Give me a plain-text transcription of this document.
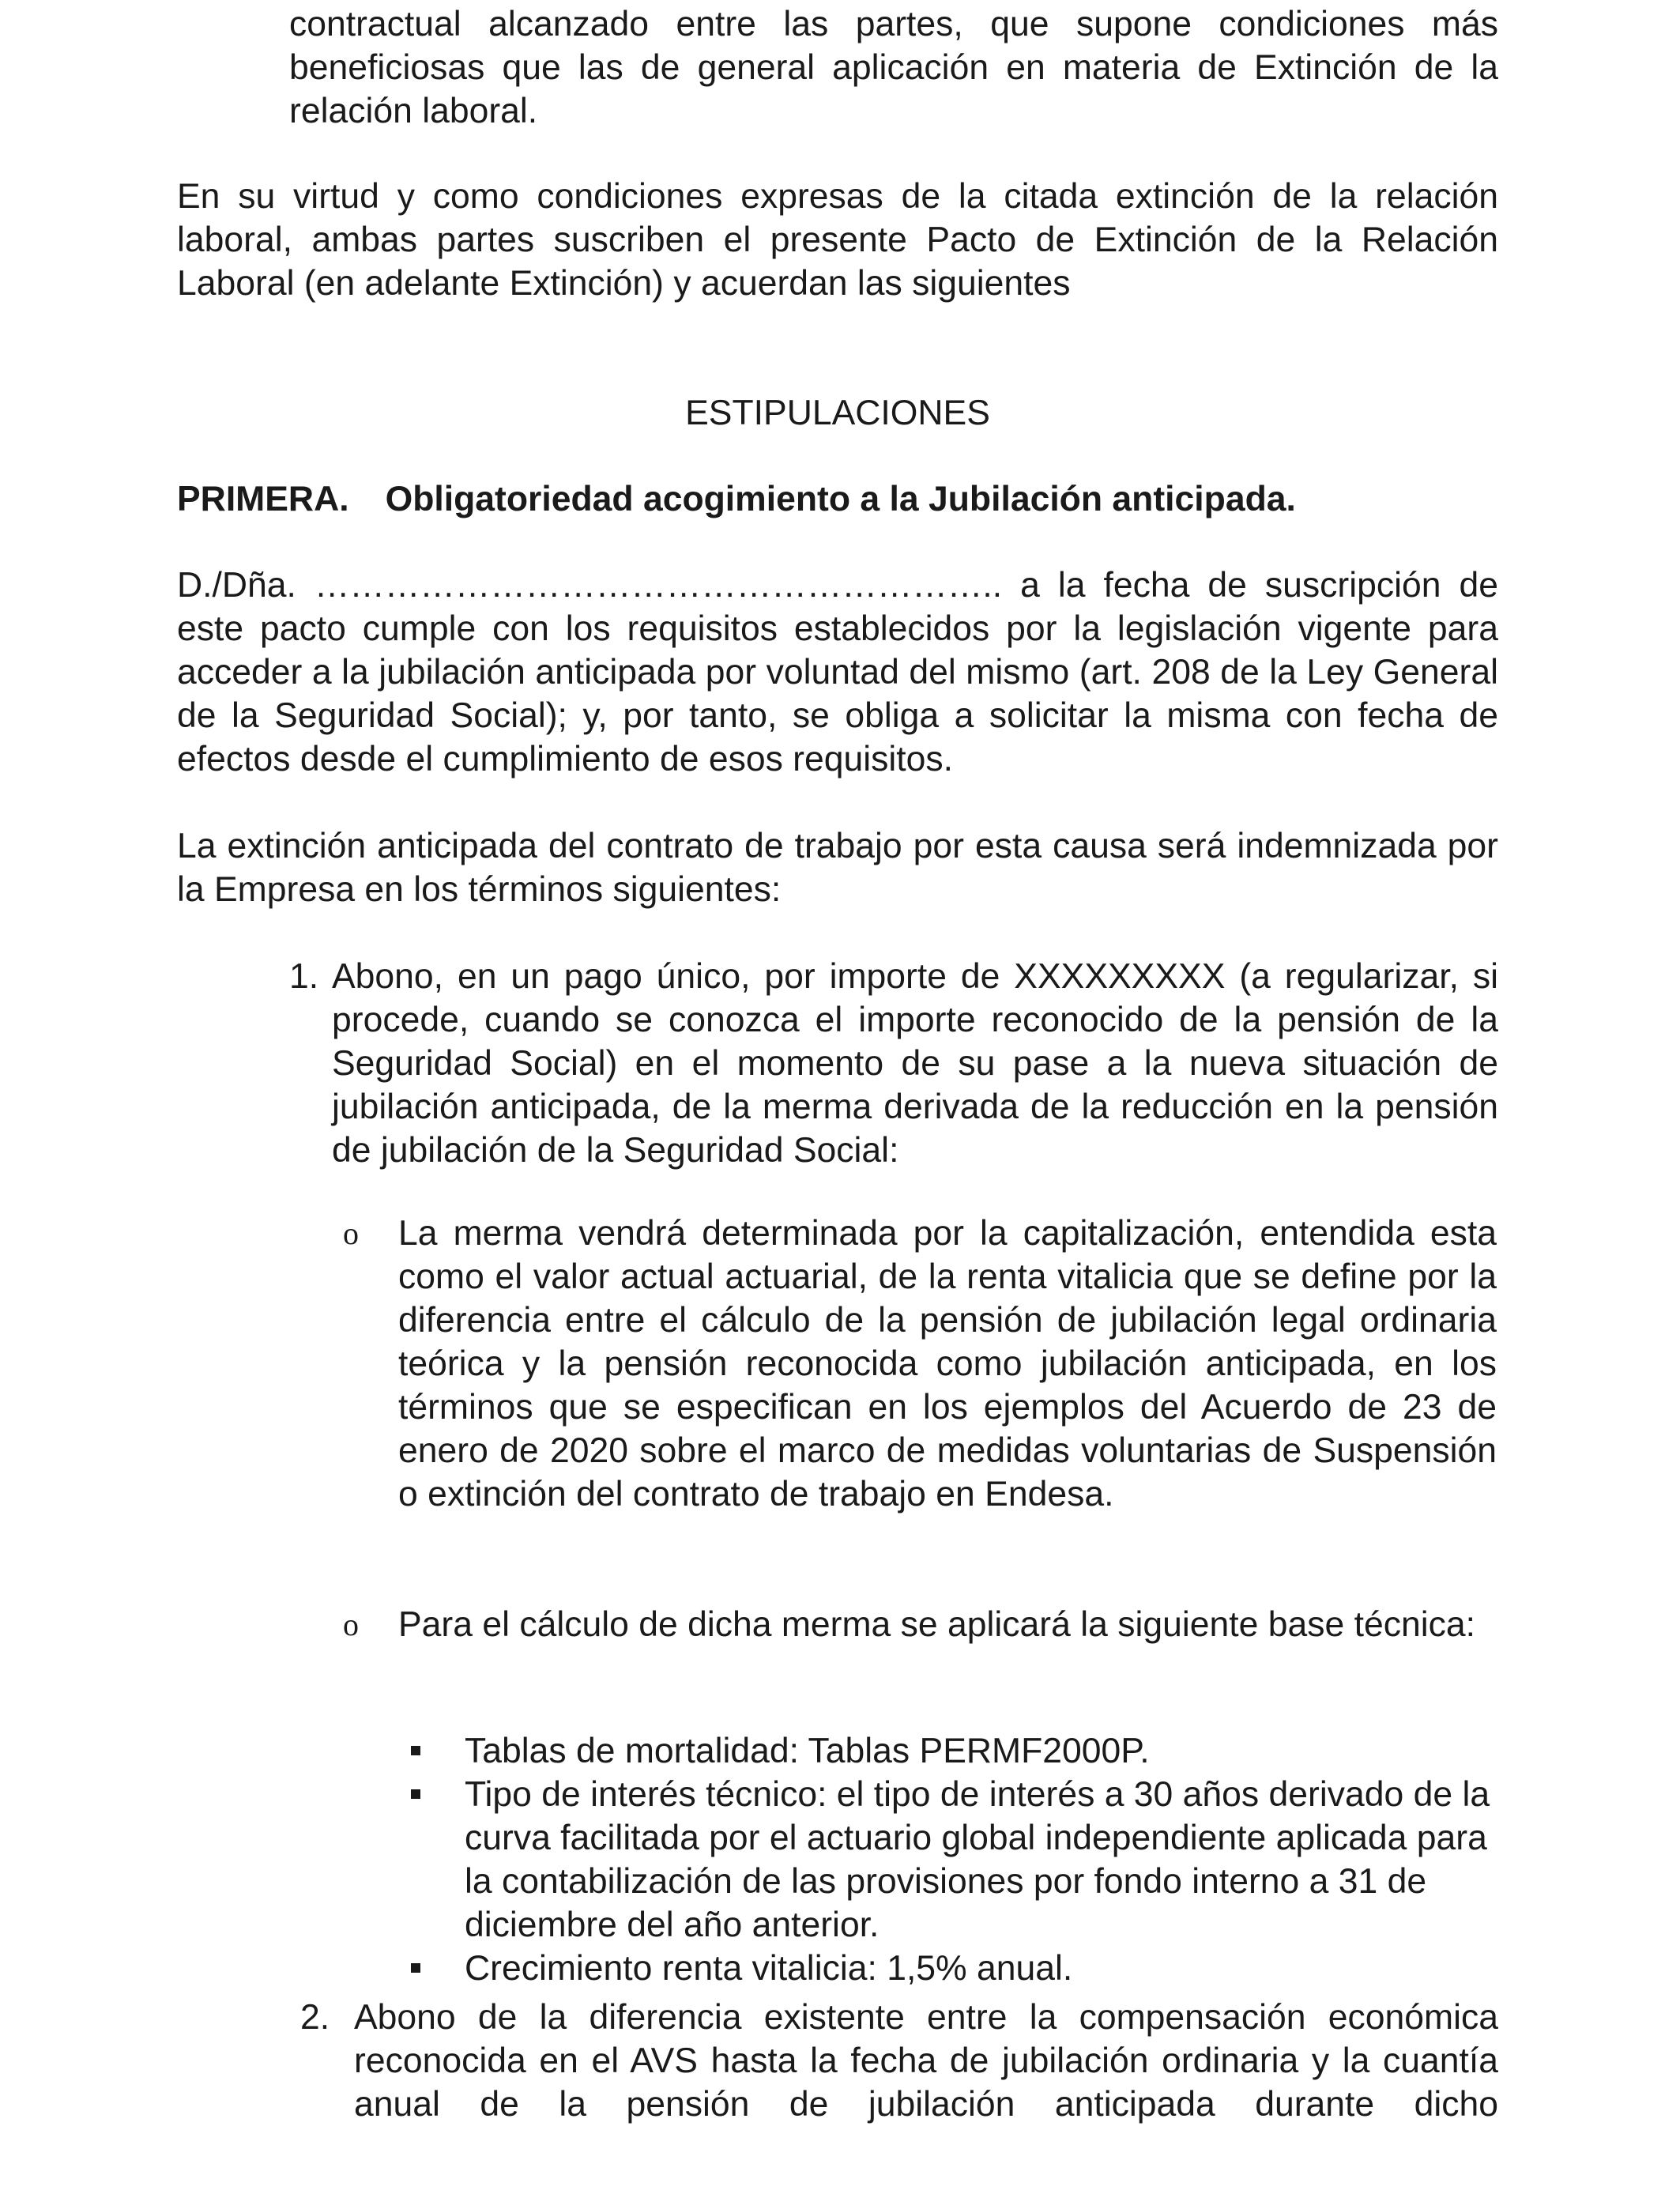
contractual alcanzado entre las partes, que supone condiciones más beneficiosas que las de general aplicación en materia de Extinción de la relación laboral.

En su virtud y como condiciones expresas de la citada extinción de la relación laboral, ambas partes suscriben el presente Pacto de Extinción de la Relación Laboral (en adelante Extinción) y acuerdan las siguientes

ESTIPULACIONES

PRIMERA. Obligatoriedad acogimiento a la Jubilación anticipada.

D./Dña. ………………………………………………….. a la fecha de suscripción de este pacto cumple con los requisitos establecidos por la legislación vigente para acceder a la jubilación anticipada por voluntad del mismo (art. 208 de la Ley General de la Seguridad Social); y, por tanto, se obliga a solicitar la misma con fecha de efectos desde el cumplimiento de esos requisitos.

La extinción anticipada del contrato de trabajo por esta causa será indemnizada por la Empresa en los términos siguientes:

1. Abono, en un pago único, por importe de XXXXXXXXX (a regularizar, si procede, cuando se conozca el importe reconocido de la pensión de la Seguridad Social) en el momento de su pase a la nueva situación de jubilación anticipada, de la merma derivada de la reducción en la pensión de jubilación de la Seguridad Social:
o La merma vendrá determinada por la capitalización, entendida esta como el valor actual actuarial, de la renta vitalicia que se define por la diferencia entre el cálculo de la pensión de jubilación legal ordinaria teórica y la pensión reconocida como jubilación anticipada, en los términos que se especifican en los ejemplos del Acuerdo de 23 de enero de 2020 sobre el marco de medidas voluntarias de Suspensión o extinción del contrato de trabajo en Endesa.
o Para el cálculo de dicha merma se aplicará la siguiente base técnica:
Tablas de mortalidad: Tablas PERMF2000P.
Tipo de interés técnico: el tipo de interés a 30 años derivado de la curva facilitada por el actuario global independiente aplicada para la contabilización de las provisiones por fondo interno a 31 de diciembre del año anterior.
Crecimiento renta vitalicia: 1,5% anual.
2. Abono de la diferencia existente entre la compensación económica reconocida en el AVS hasta la fecha de jubilación ordinaria y la cuantía anual de la pensión de jubilación anticipada durante dicho
